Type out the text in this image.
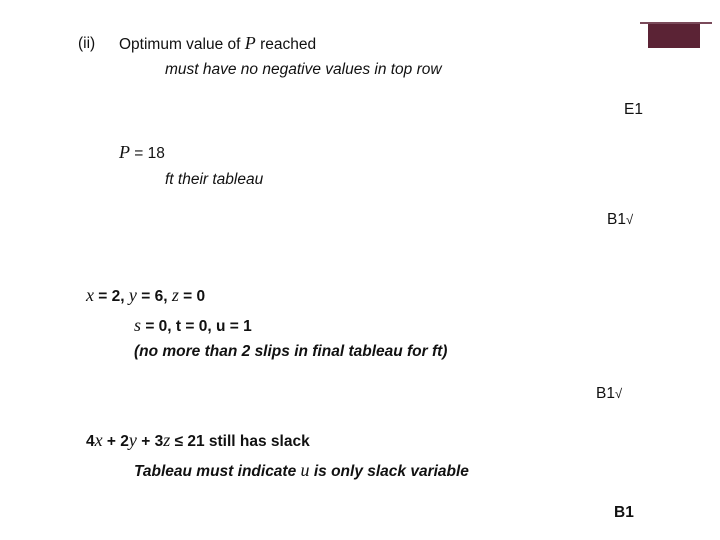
(ii) Optimum value of P reached
must have no negative values in top row
E1
P = 18
ft their tableau
B1√
x = 2, y = 6, z = 0
s = 0, t = 0, u = 1
(no more than 2 slips in final tableau for ft)
B1√
4x + 2y + 3z ≤ 21 still has slack
Tableau must indicate u is only slack variable
B1
